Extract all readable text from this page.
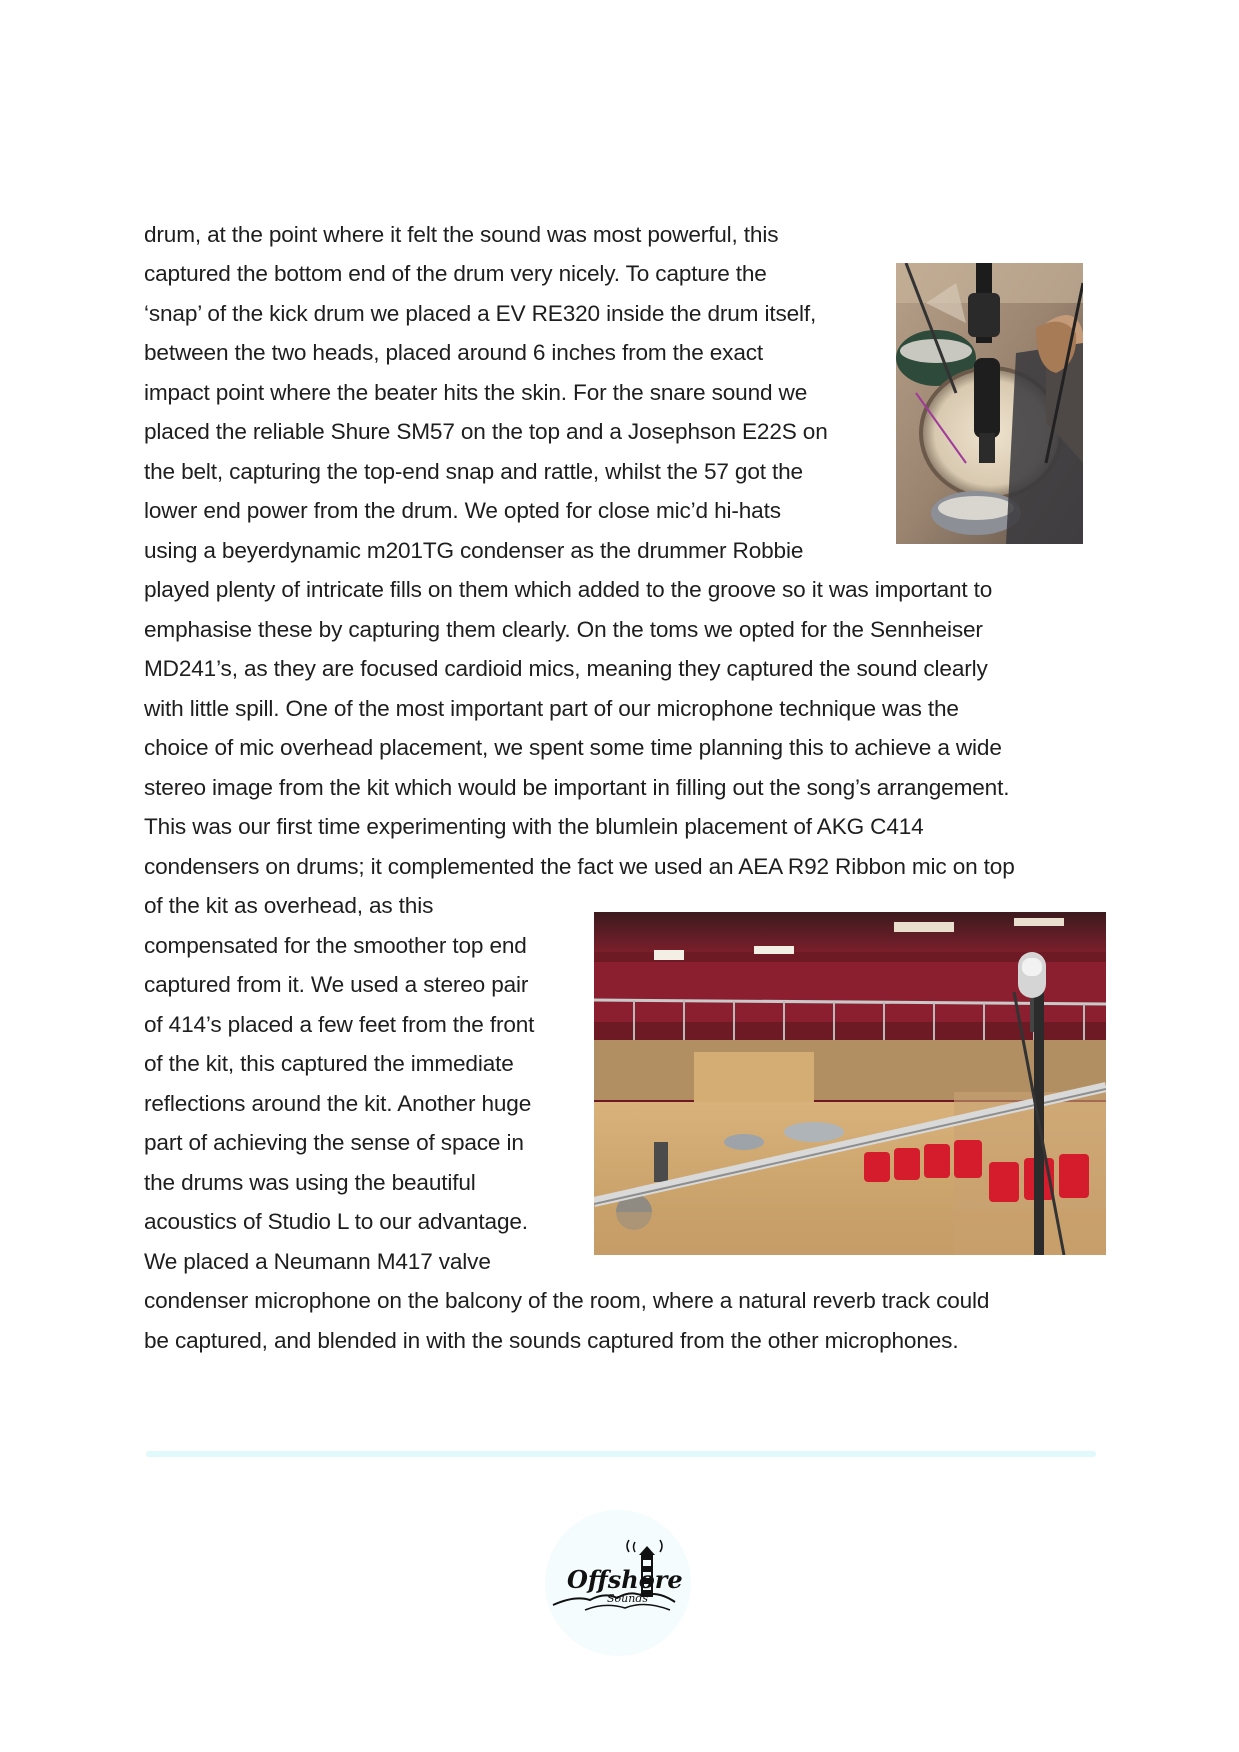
drum, at the point where it felt the sound was most powerful, this
captured the bottom end of the drum very nicely. To capture the
‘snap’ of the kick drum we placed a EV RE320 inside the drum itself,
between the two heads, placed around 6 inches from the exact
impact point where the beater hits the skin. For the snare sound we
placed the reliable Shure SM57 on the top and a Josephson E22S on
the belt, capturing the top-end snap and rattle, whilst the 57 got the
lower end power from the drum. We opted for close mic’d hi-hats
using a beyerdynamic m201TG condenser as the drummer Robbie
played plenty of intricate fills on them which added to the groove so it was important to
emphasise these by capturing them clearly. On the toms we opted for the Sennheiser
MD241’s, as they are focused cardioid mics, meaning they captured the sound clearly
with little spill. One of the most important part of our microphone technique was the
choice of mic overhead placement, we spent some time planning this to achieve a wide
stereo image from the kit which would be important in filling out the song’s arrangement.
This was our first time experimenting with the blumlein placement of AKG C414
condensers on drums; it complemented the fact we used an AEA R92 Ribbon mic on top
of the kit as overhead, as this
compensated for the smoother top end
captured from it. We used a stereo pair
of 414’s placed a few feet from the front
of the kit, this captured the immediate
reflections around the kit. Another huge
part of achieving the sense of space in
the drums was using the beautiful
acoustics of Studio L to our advantage.
We placed a Neumann M417 valve
condenser microphone on the balcony of the room, where a natural reverb track could
be captured, and blended in with the sounds captured from the other microphones.
Offshore
Sounds
